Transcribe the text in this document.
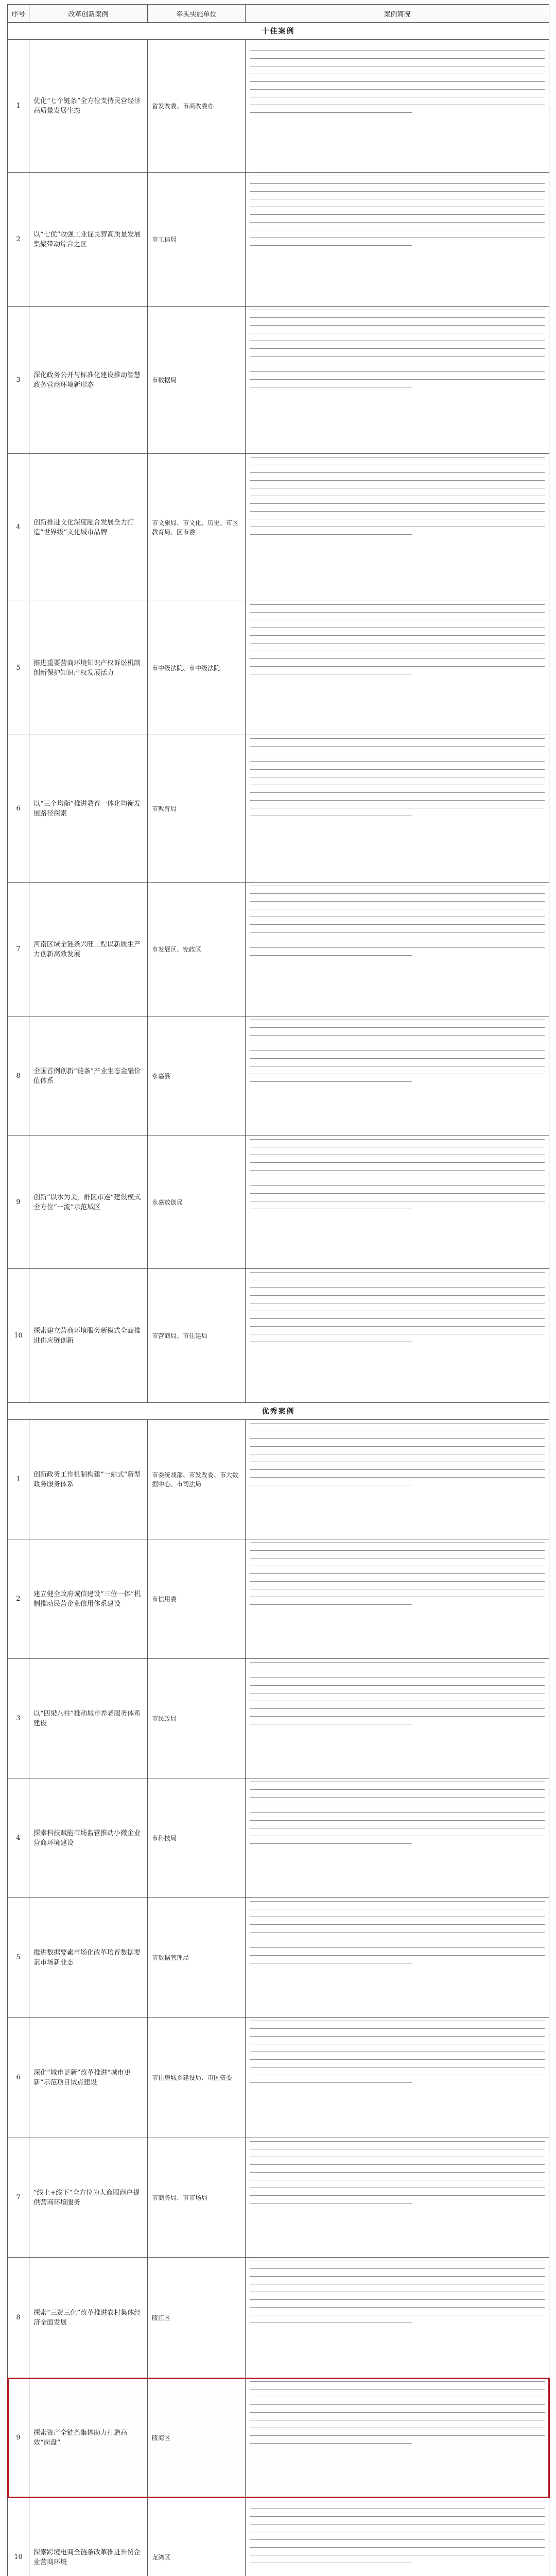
序号	改革创新案例	牵头实施单位	案例简况
十佳案例			
1	优化“七个链条”全方位支持民营经济高质量发展生态	省发改委、市商改委办	

2	以“七优”攻强工业促民营高质量发展集聚带动综合之区	市工信局	

3	深化政务公开与标准化建设推动智慧政务营商环境新形态	市数据局	

4	创新推进文化深度融合发展全力打造“世界级”文化城市品牌	市文旅局、市文化、历史、市区教育局、区市委	

5	推进重要营商环境知识产权诉讼机制创新保护知识产权发展活力	市中级法院、市中级法院	

6	以“三个均衡”推进教育一体化均衡发展路径探索	市教育局	

7	河南区域全链条兴旺工程以新质生产力创新高效发展	市发展区、宪政区	

8	全国首例创新“链条”产业生态金融价值体系	永嘉县	

9	创新“以水为美，群区市连”建设模式全方位“一流”示范城区	永嘉数创局	

10	探索建立营商环境服务新模式全面推进供应链创新	市营商局、市住建局	

优秀案例			
1	创新政务工作机制构建“一站式”新型政务服务体系	市委统战部、市发改委、市大数据中心、市司法局	

2	建立健全政府诚信建设“三位一体”机制推动民营企业信用体系建设	市信用委	

3	以“四梁八柱”推动城市养老服务体系建设	市民政局	

4	探索科技赋能市场监管推动小微企业营商环境建设	市科技局	

5	推进数据要素市场化改革培育数据要素市场新业态	市数据管理局	

6	深化“城市更新”改革推进“城市更新”示范项目试点建设	市住房城乡建设局、市国资委	

7	“线上+线下”全方位为大商服商户提供营商环境服务	市商务局、市市场局	

8	探索“三资三化”改革推进农村集体经济全面发展	瓯江区	

9	探索资产全链条集体助力打造高效“岗盘”	瓯海区	

10	探索跨境电商全链条改革推进外贸企业营商环境	龙湾区	
